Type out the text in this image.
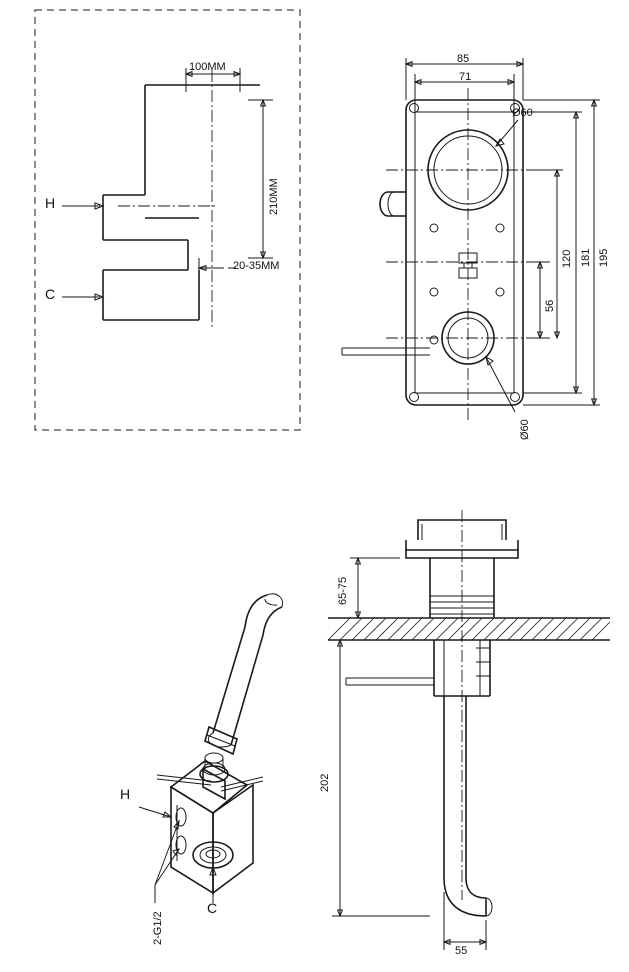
100MM
210MM
20-35MM
H
C
85
71
Ø60
Ø60
56
120 181 195
H
C
2-G1/2
65-75
202
55
